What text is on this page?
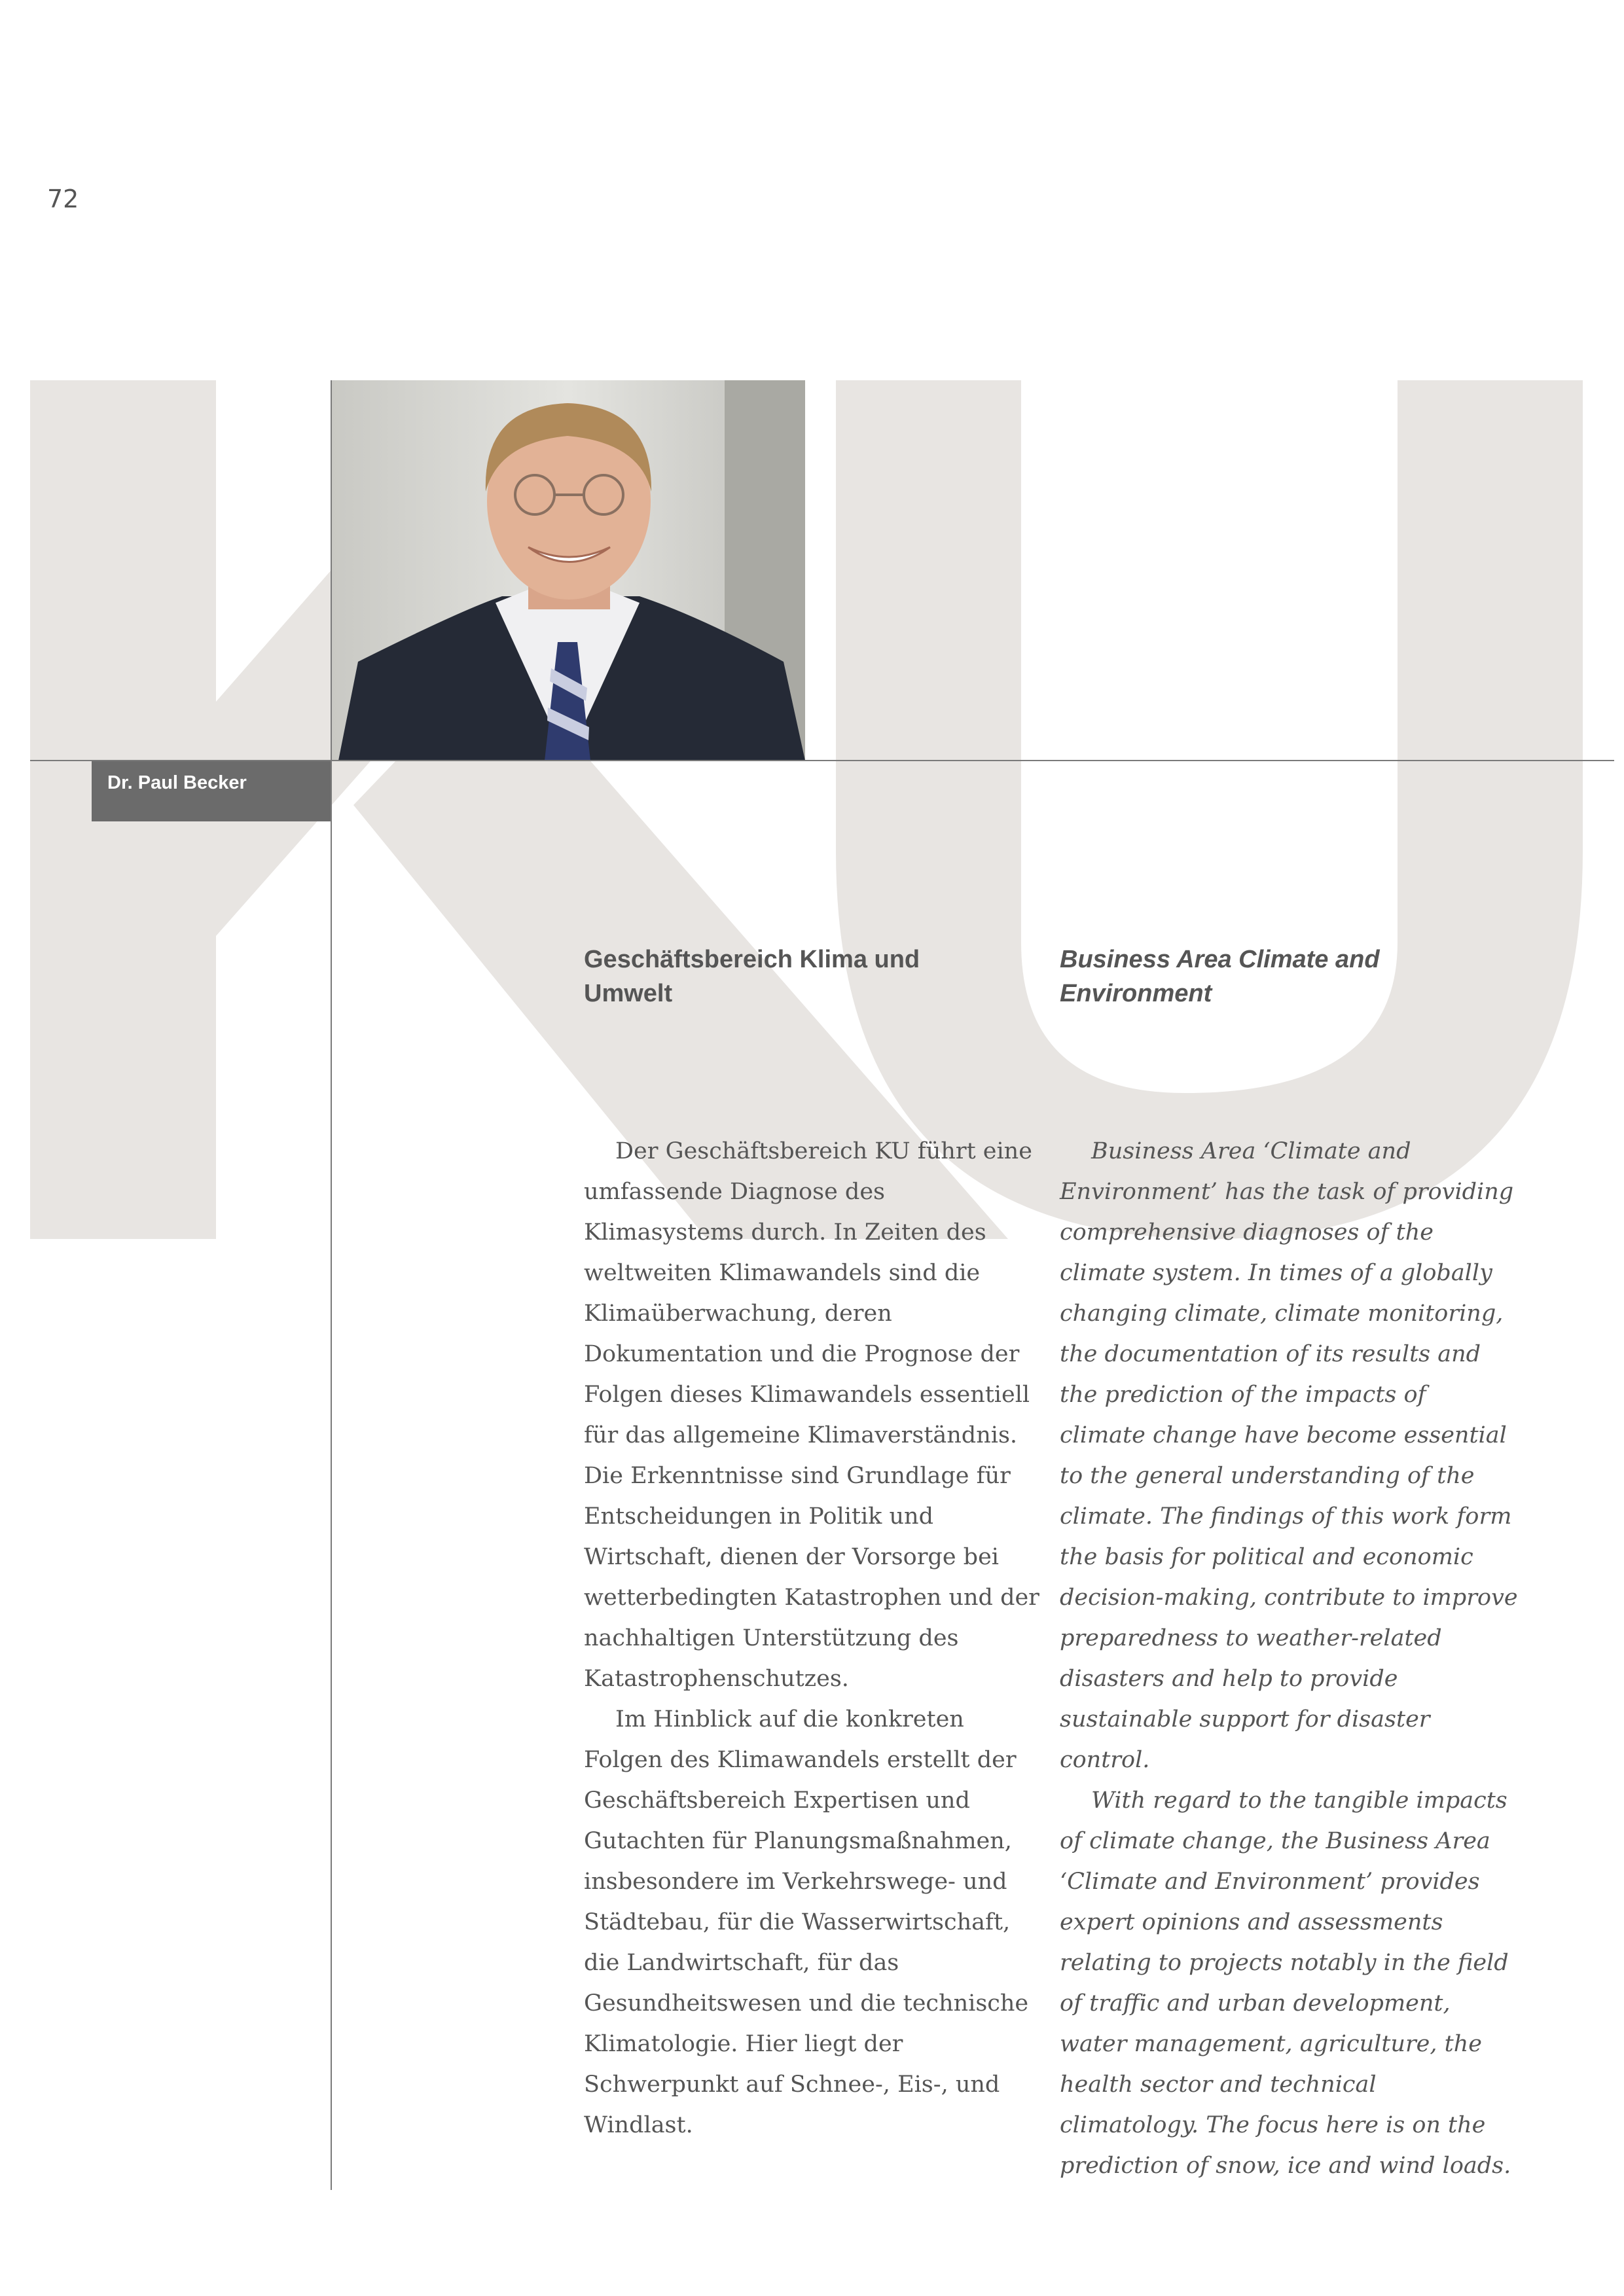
72
Dr. Paul Becker
Geschäftsbereich Klima und Umwelt
Business Area Climate and Environment

Der Geschäftsbereich KU führt eine umfassende Diagnose des Klimasystems durch. In Zeiten des weltweiten Klimawandels sind die Klimaüberwachung, deren Dokumentation und die Prognose der Folgen dieses Klimawandels essentiell für das allgemeine Klimaverständnis. Die Erkenntnisse sind Grundlage für Entscheidungen in Politik und Wirtschaft, dienen der Vorsorge bei wetterbedingten Katastrophen und der nachhaltigen Unterstützung des Katastrophenschutzes.

Im Hinblick auf die konkreten Folgen des Klimawandels erstellt der Geschäftsbereich Expertisen und Gutachten für Planungsmaßnahmen, insbesondere im Verkehrswege- und Städtebau, für die Wasserwirtschaft, die Landwirtschaft, für das Gesundheitswesen und die technische Klimatologie. Hier liegt der Schwerpunkt auf Schnee-, Eis-, und Windlast.

Business Area ‘Climate and Environment’ has the task of providing comprehensive diagnoses of the climate system. In times of a globally changing climate, climate monitoring, the documentation of its results and the prediction of the impacts of climate change have become essential to the general understanding of the climate. The findings of this work form the basis for political and economic decision-making, contribute to improve preparedness to weather-related disasters and help to provide sustainable support for disaster control.

With regard to the tangible impacts of climate change, the Business Area ‘Climate and Environment’ provides expert opinions and assessments relating to projects notably in the field of traffic and urban development, water management, agriculture, the health sector and technical climatology. The focus here is on the prediction of snow, ice and wind loads.
